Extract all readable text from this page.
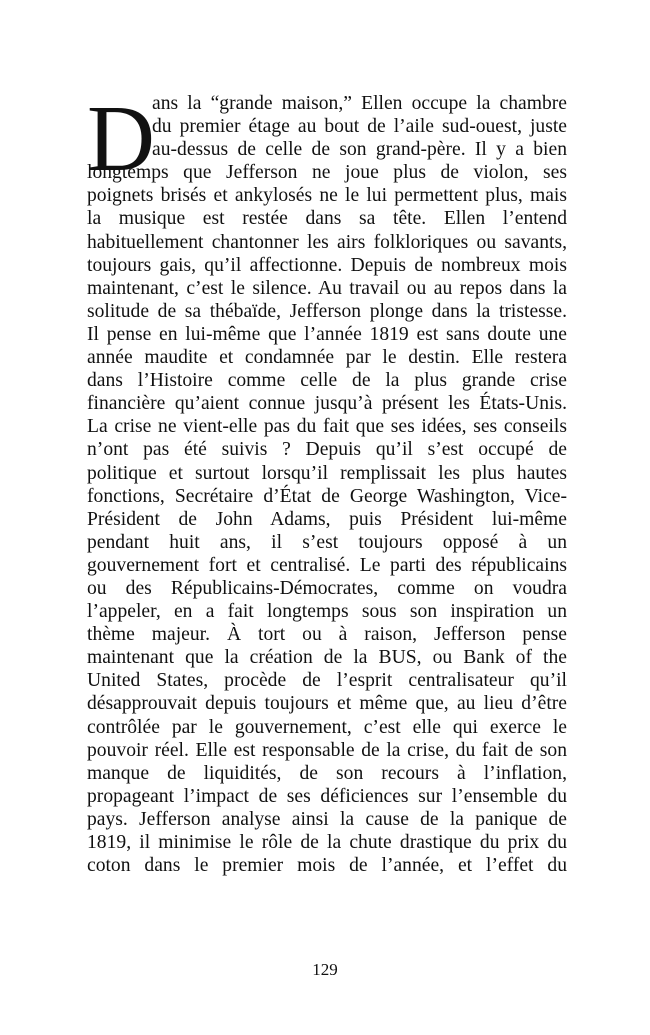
D
ans la “grande maison,” Ellen occupe la chambre
du premier étage au bout de l’aile sud-ouest, juste
au-dessus de celle de son grand-père. Il y a bien
longtemps que Jefferson ne joue plus de violon, ses
poignets brisés et ankylosés ne le lui permettent plus, mais
la musique est restée dans sa tête. Ellen l’entend
habituellement chantonner les airs folkloriques ou savants,
toujours gais, qu’il affectionne. Depuis de nombreux mois
maintenant, c’est le silence. Au travail ou au repos dans la
solitude de sa thébaïde, Jefferson plonge dans la tristesse.
Il pense en lui-même que l’année 1819 est sans doute une
année maudite et condamnée par le destin. Elle restera
dans l’Histoire comme celle de la plus grande crise
financière qu’aient connue jusqu’à présent les États-Unis.
La crise ne vient-elle pas du fait que ses idées, ses conseils
n’ont pas été suivis ? Depuis qu’il s’est occupé de
politique et surtout lorsqu’il remplissait les plus hautes
fonctions, Secrétaire d’État de George Washington, Vice-
Président de John Adams, puis Président lui-même
pendant huit ans, il s’est toujours opposé à un
gouvernement fort et centralisé. Le parti des républicains
ou des Républicains-Démocrates, comme on voudra
l’appeler, en a fait longtemps sous son inspiration un
thème majeur. À tort ou à raison, Jefferson pense
maintenant que la création de la BUS, ou Bank of the
United States, procède de l’esprit centralisateur qu’il
désapprouvait depuis toujours et même que, au lieu d’être
contrôlée par le gouvernement, c’est elle qui exerce le
pouvoir réel. Elle est responsable de la crise, du fait de son
manque de liquidités, de son recours à l’inflation,
propageant l’impact de ses déficiences sur l’ensemble du
pays. Jefferson analyse ainsi la cause de la panique de
1819, il minimise le rôle de la chute drastique du prix du
coton dans le premier mois de l’année, et l’effet du
129
